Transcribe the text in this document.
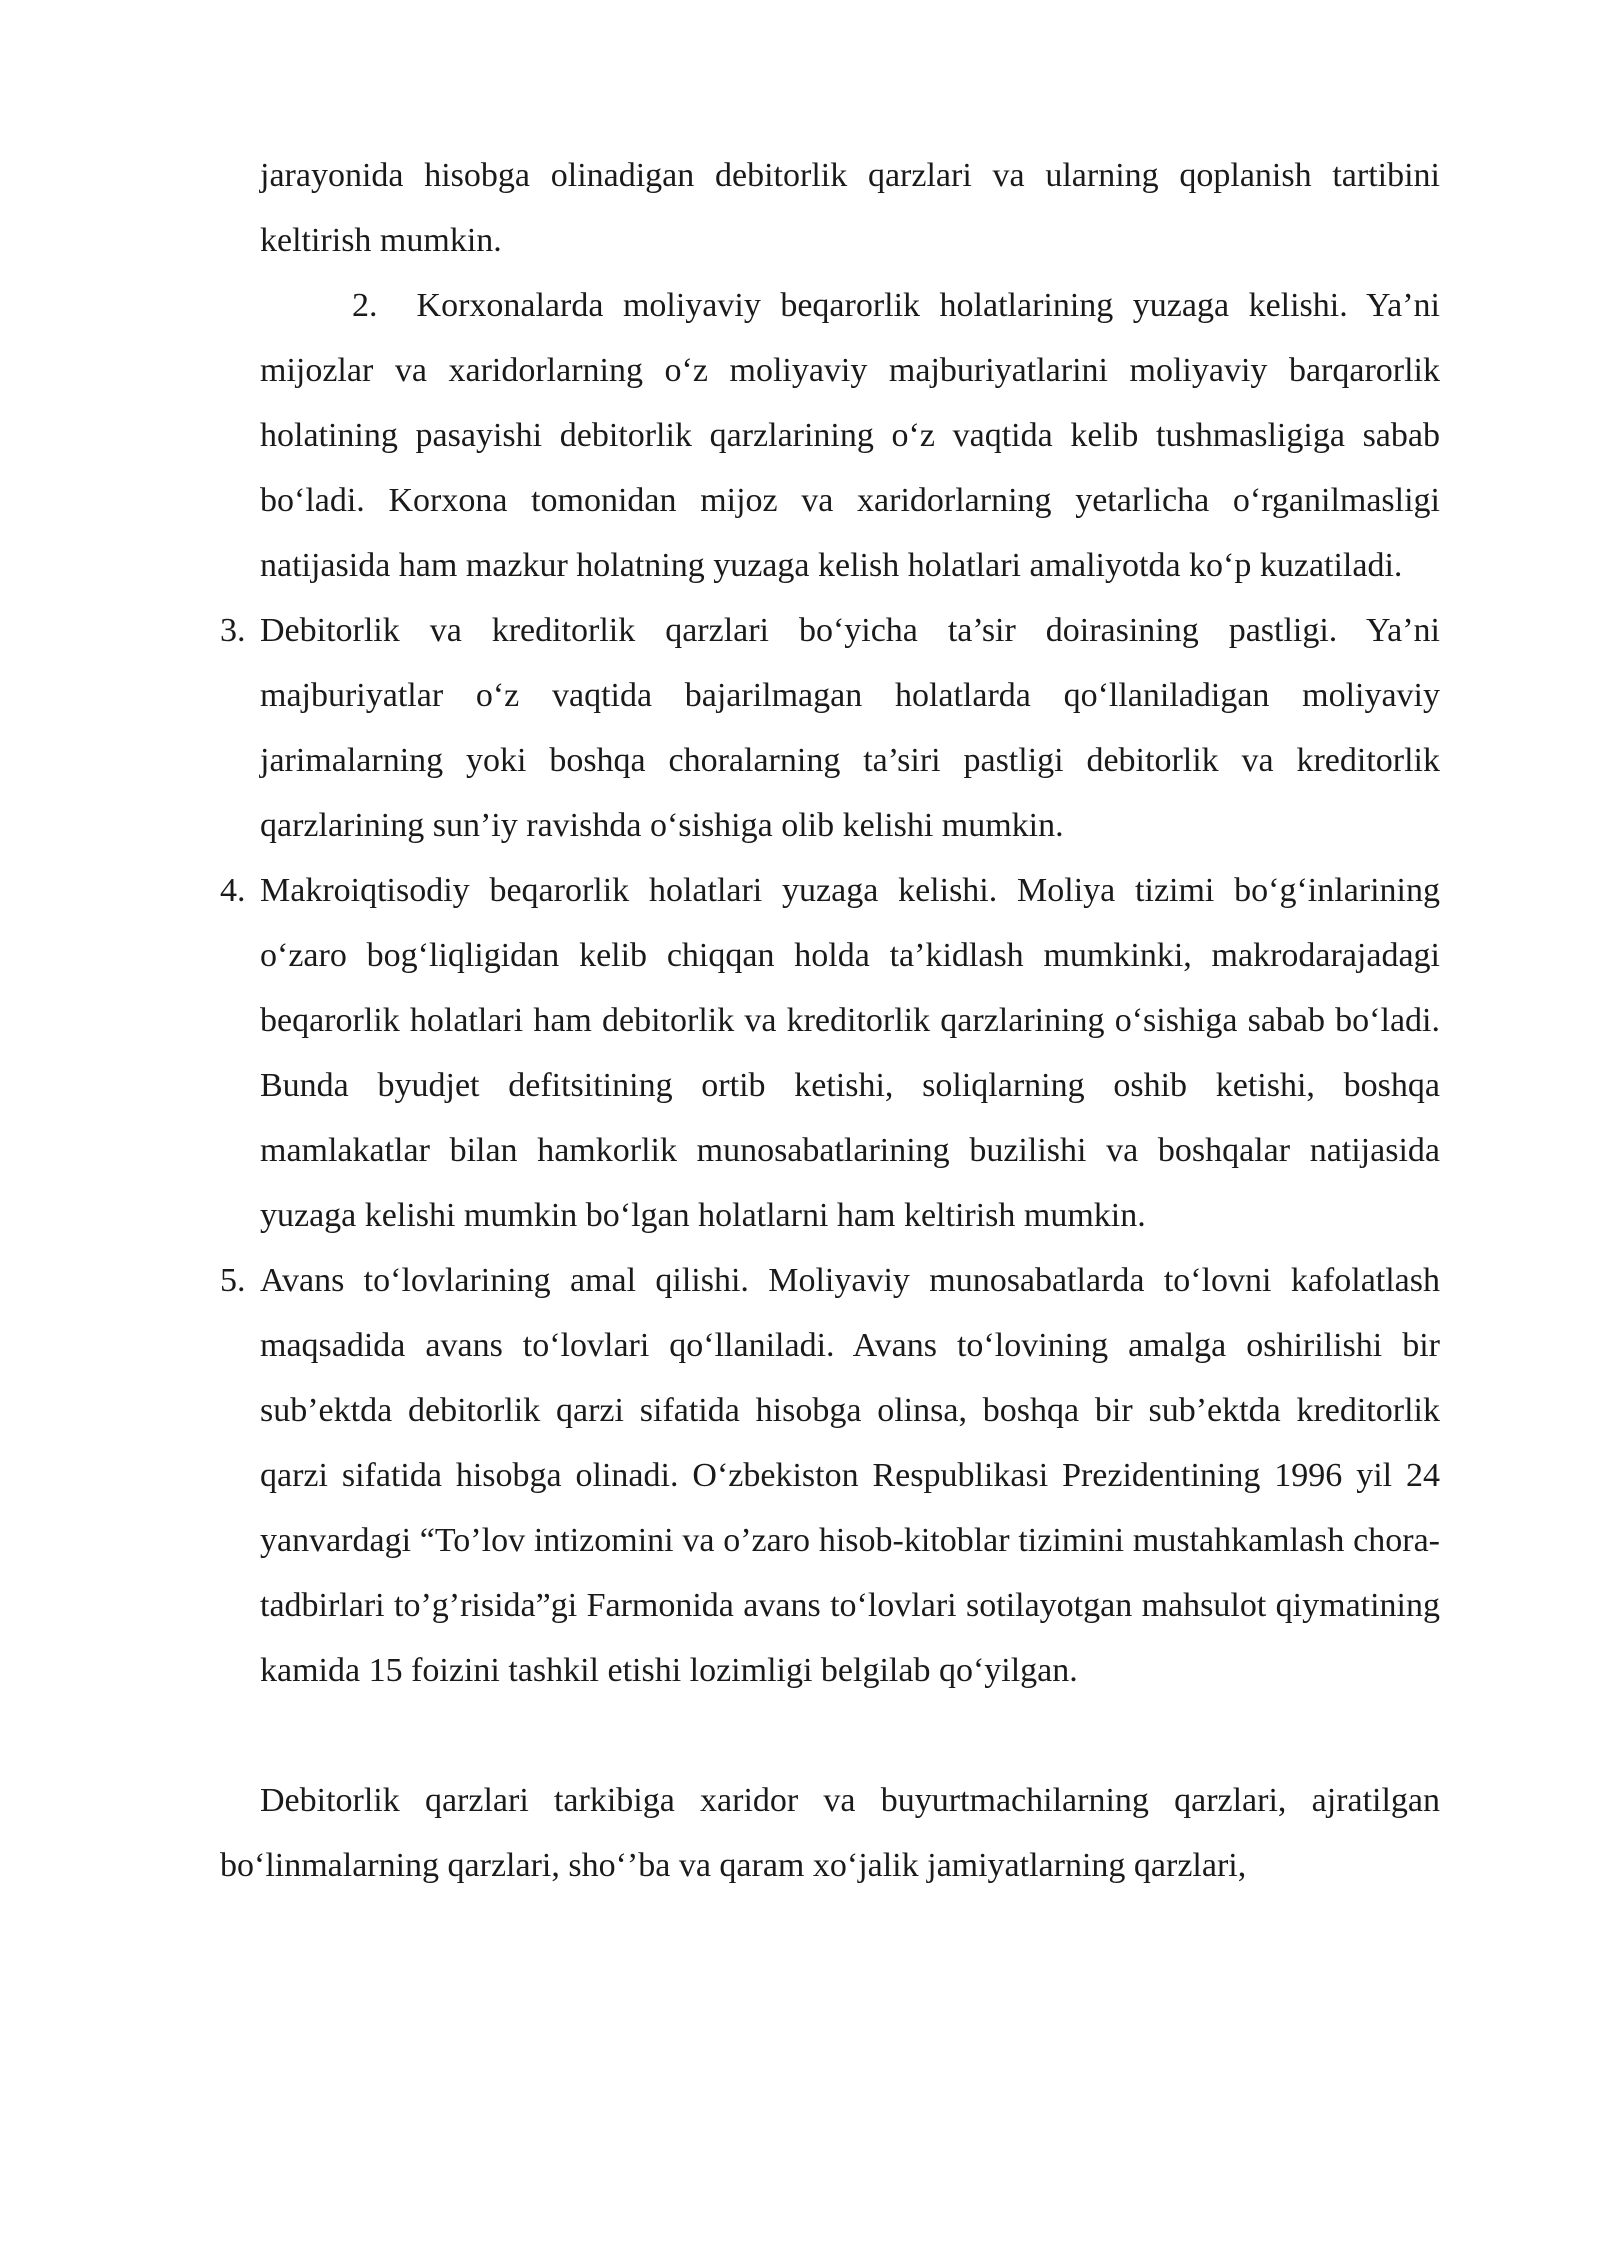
jarayonida hisobga olinadigan debitorlik qarzlari va ularning qoplanish tartibini keltirish mumkin.

2. Korxonalarda moliyaviy beqarorlik holatlarining yuzaga kelishi. Ya’ni mijozlar va xaridorlarning o‘z moliyaviy majburiyatlarini moliyaviy barqarorlik holatining pasayishi debitorlik qarzlarining o‘z vaqtida kelib tushmasligiga sabab bo‘ladi. Korxona tomonidan mijoz va xaridorlarning yetarlicha o‘rganilmasligi natijasida ham mazkur holatning yuzaga kelish holatlari amaliyotda ko‘p kuzatiladi.

3. Debitorlik va kreditorlik qarzlari bo‘yicha ta’sir doirasining pastligi. Ya’ni majburiyatlar o‘z vaqtida bajarilmagan holatlarda qo‘llaniladigan moliyaviy jarimalarning yoki boshqa choralarning ta’siri pastligi debitorlik va kreditorlik qarzlarining sun’iy ravishda o‘sishiga olib kelishi mumkin.
4. Makroiqtisodiy beqarorlik holatlari yuzaga kelishi. Moliya tizimi bo‘g‘inlarining o‘zaro bog‘liqligidan kelib chiqqan holda ta’kidlash mumkinki, makrodarajadagi beqarorlik holatlari ham debitorlik va kreditorlik qarzlarining o‘sishiga sabab bo‘ladi. Bunda byudjet defitsitining ortib ketishi, soliqlarning oshib ketishi, boshqa mamlakatlar bilan hamkorlik munosabatlarining buzilishi va boshqalar natijasida yuzaga kelishi mumkin bo‘lgan holatlarni ham keltirish mumkin.
5. Avans to‘lovlarining amal qilishi. Moliyaviy munosabatlarda to‘lovni kafolatlash maqsadida avans to‘lovlari qo‘llaniladi. Avans to‘lovining amalga oshirilishi bir sub’ektda debitorlik qarzi sifatida hisobga olinsa, boshqa bir sub’ektda kreditorlik qarzi sifatida hisobga olinadi. O‘zbekiston Respublikasi Prezidentining 1996 yil 24 yanvardagi “To’lov intizomini va o’zaro hisob-kitoblar tizimini mustahkamlash chora-tadbirlari to’g’risida”gi Farmonida avans to‘lovlari sotilayotgan mahsulot qiymatining kamida 15 foizini tashkil etishi lozimligi belgilab qo‘yilgan.

Debitorlik qarzlari tarkibiga xaridor va buyurtmachilarning qarzlari, ajratilgan bo‘linmalarning qarzlari, sho‘’ba va qaram xo‘jalik jamiyatlarning qarzlari,
